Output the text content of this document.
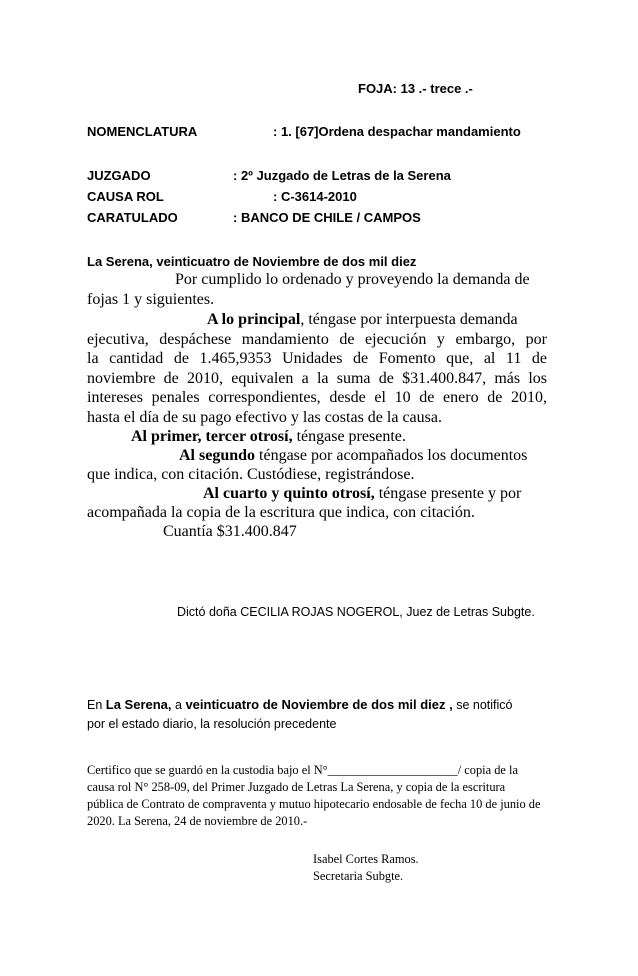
FOJA: 13 .- trece .-
NOMENCLATURA	: 1. [67]Ordena despachar mandamiento
JUZGADO	: 2º Juzgado de Letras de la Serena
CAUSA ROL	: C-3614-2010
CARATULADO	: BANCO DE CHILE / CAMPOS
La Serena, veinticuatro de Noviembre de dos mil diez
Por cumplido lo ordenado y proveyendo la demanda de
fojas 1 y siguientes.
A lo principal, téngase por interpuesta demanda
ejecutiva, despáchese mandamiento de ejecución y embargo, por
la cantidad de 1.465,9353 Unidades de Fomento que, al 11 de
noviembre de 2010, equivalen a la suma de $31.400.847, más los
intereses penales correspondientes, desde el 10 de enero de 2010,
hasta el día de su pago efectivo y las costas de la causa.
Al primer, tercer otrosí, téngase presente.
Al segundo téngase por acompañados los documentos
que indica, con citación. Custódiese, registrándose.
Al cuarto y quinto otrosí, téngase presente y por
acompañada la copia de la escritura que indica, con citación.
Cuantía $31.400.847
Dictó doña CECILIA ROJAS NOGEROL, Juez de Letras Subgte.
En La Serena, a veinticuatro de Noviembre de dos mil diez , se notificó
por el estado diario, la resolución precedente
Certifico que se guardó en la custodia bajo el N°_____________________/ copia de la
causa rol N° 258-09, del Primer Juzgado de Letras La Serena, y copia de la escritura
pública de Contrato de compraventa y mutuo hipotecario endosable de fecha 10 de junio de
2020. La Serena, 24 de noviembre de 2010.-
Isabel Cortes Ramos.
Secretaria Subgte.
